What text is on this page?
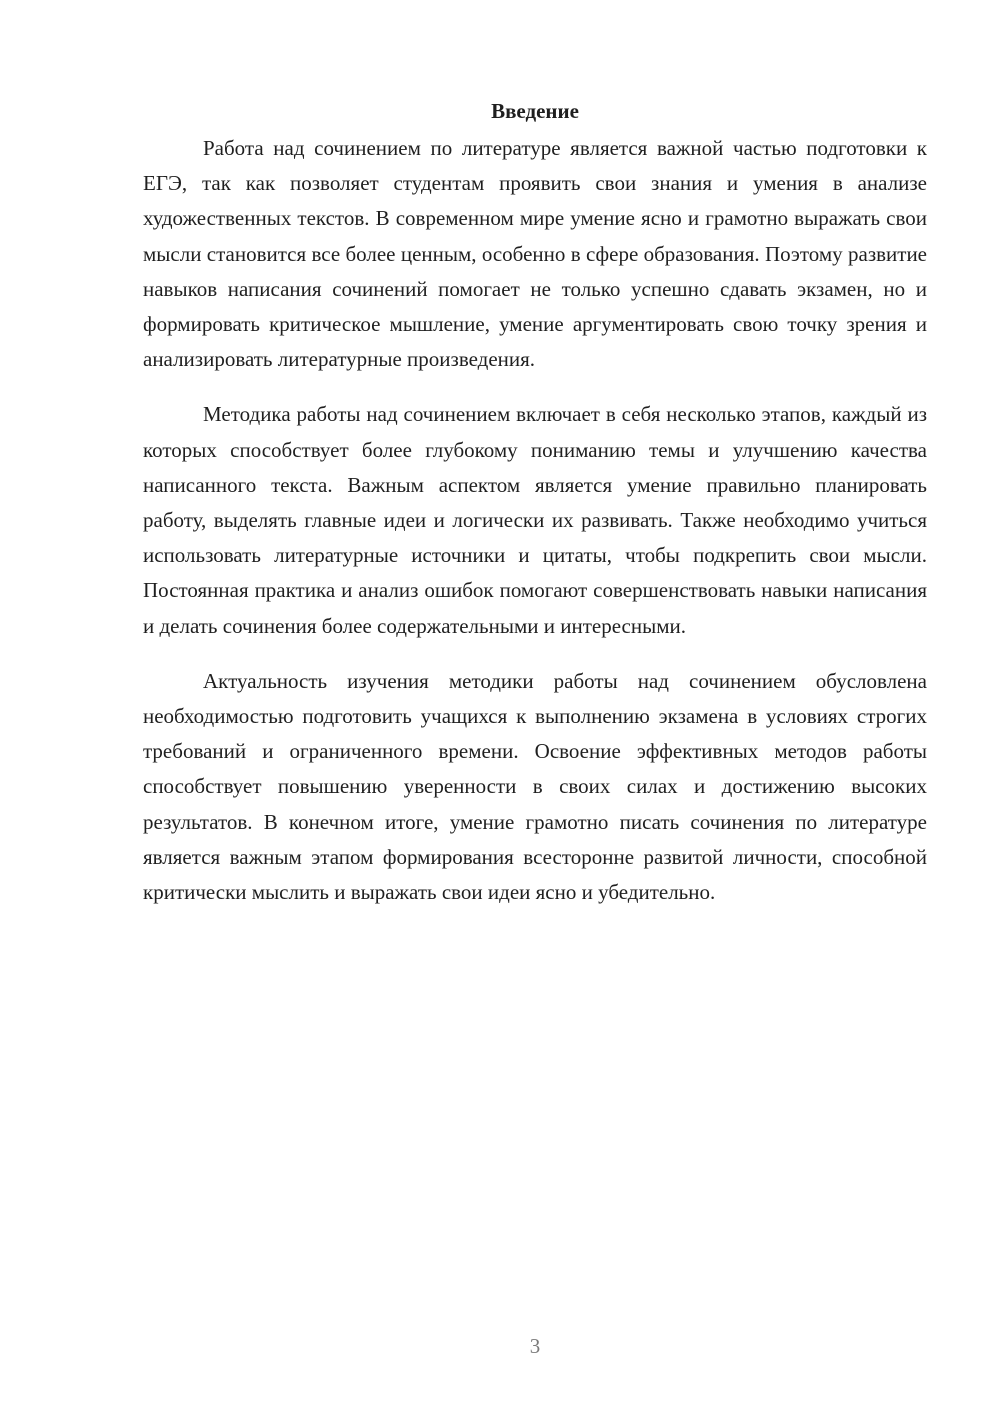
Введение

Работа над сочинением по литературе является важной частью подготовки к ЕГЭ, так как позволяет студентам проявить свои знания и умения в анализе художественных текстов. В современном мире умение ясно и грамотно выражать свои мысли становится все более ценным, особенно в сфере образования. Поэтому развитие навыков написания сочинений помогает не только успешно сдавать экзамен, но и формировать критическое мышление, умение аргументировать свою точку зрения и анализировать литературные произведения.

Методика работы над сочинением включает в себя несколько этапов, каждый из которых способствует более глубокому пониманию темы и улучшению качества написанного текста. Важным аспектом является умение правильно планировать работу, выделять главные идеи и логически их развивать. Также необходимо учиться использовать литературные источники и цитаты, чтобы подкрепить свои мысли. Постоянная практика и анализ ошибок помогают совершенствовать навыки написания и делать сочинения более содержательными и интересными.

Актуальность изучения методики работы над сочинением обусловлена необходимостью подготовить учащихся к выполнению экзамена в условиях строгих требований и ограниченного времени. Освоение эффективных методов работы способствует повышению уверенности в своих силах и достижению высоких результатов. В конечном итоге, умение грамотно писать сочинения по литературе является важным этапом формирования всесторонне развитой личности, способной критически мыслить и выражать свои идеи ясно и убедительно.

3
